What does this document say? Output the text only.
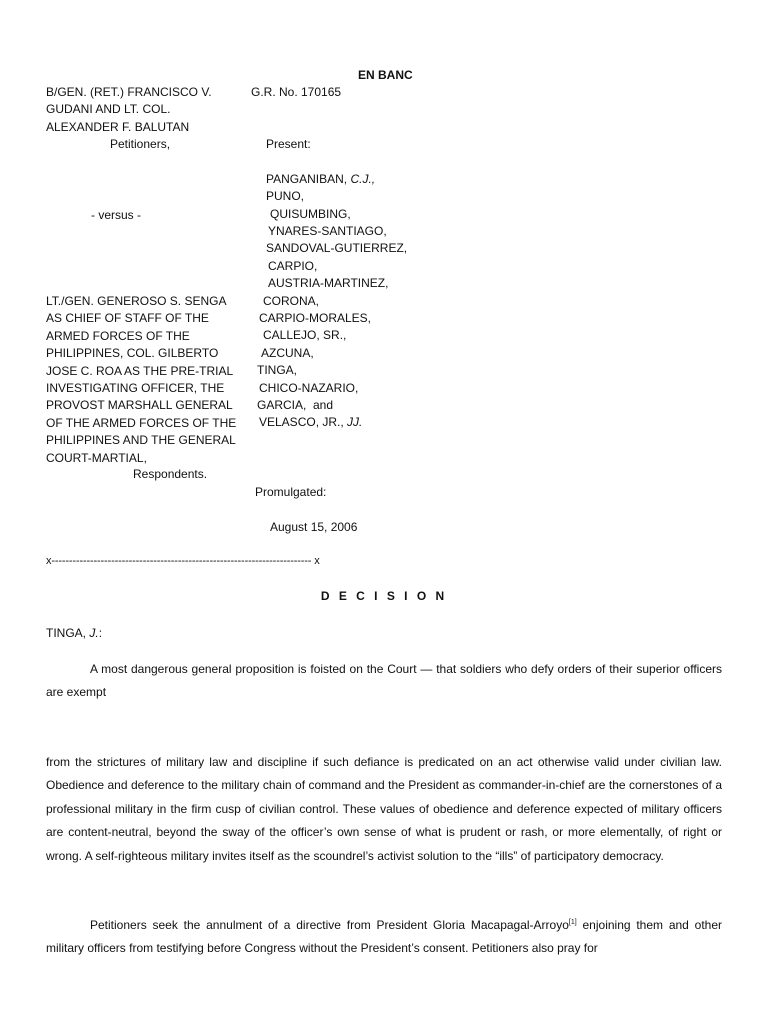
EN BANC
B/GEN. (RET.) FRANCISCO V.
GUDANI AND LT. COL.
ALEXANDER F. BALUTAN
Petitioners,
G.R. No. 170165
Present:
- versus -
PANGANIBAN, C.J.,
PUNO,
QUISUMBING,
YNARES-SANTIAGO,
SANDOVAL-GUTIERREZ,
CARPIO,
AUSTRIA-MARTINEZ,
CORONA,
CARPIO-MORALES,
CALLEJO, SR.,
AZCUNA,
TINGA,
CHICO-NAZARIO,
GARCIA,  and
VELASCO, JR., JJ.
LT./GEN. GENEROSO S. SENGA
AS CHIEF OF STAFF OF THE
ARMED FORCES OF THE
PHILIPPINES, COL. GILBERTO
JOSE C. ROA AS THE PRE-TRIAL
INVESTIGATING OFFICER, THE
PROVOST MARSHALL GENERAL
OF THE ARMED FORCES OF THE
PHILIPPINES AND THE GENERAL
COURT-MARTIAL,
Respondents.
Promulgated:
August 15, 2006
x-------------------------------------------------------------------------- x
D E C I S I O N
TINGA, J.:
A most dangerous general proposition is foisted on the Court — that soldiers who defy orders of their superior officers are exempt
from the strictures of military law and discipline if such defiance is predicated on an act otherwise valid under civilian law. Obedience and deference to the military chain of command and the President as commander-in-chief are the cornerstones of a professional military in the firm cusp of civilian control. These values of obedience and deference expected of military officers are content-neutral, beyond the sway of the officer’s own sense of what is prudent or rash, or more elementally, of right or wrong. A self-righteous military invites itself as the scoundrel’s activist solution to the “ills” of participatory democracy.
Petitioners seek the annulment of a directive from President Gloria Macapagal-Arroyo[1] enjoining them and other military officers from testifying before Congress without the President’s consent. Petitioners also pray for
